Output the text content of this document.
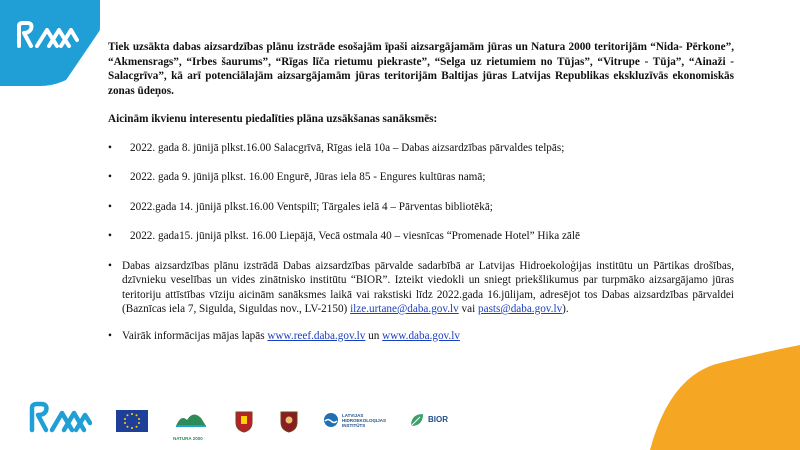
Tiek uzsākta dabas aizsardzības plānu izstrāde esošajām īpaši aizsargājamām jūras un Natura 2000 teritorijām “Nida- Pērkone”, “Akmensrags”, “Irbes šaurums”, “Rīgas līča rietumu piekraste”, “Selga uz rietumiem no Tūjas”, “Vitrupe - Tūja”, “Ainaži - Salacgrīva”, kā arī potenciālajām aizsargājamām jūras teritorijām Baltijas jūras Latvijas Republikas ekskluzīvās ekonomiskās zonas ūdeņos.

Aicinām ikvienu interesentu piedalīties plāna uzsākšanas sanāksmēs:

• 2022. gada 8. jūnijā plkst.16.00 Salacgrīvā, Rīgas ielā 10a – Dabas aizsardzības pārvaldes telpās;
• 2022. gada 9. jūnijā plkst. 16.00 Engurē, Jūras iela 85 - Engures kultūras namā;
• 2022.gada 14. jūnijā plkst.16.00 Ventspilī; Tārgales ielā 4 – Pārventas bibliotēkā;
• 2022. gada15. jūnijā plkst. 16.00 Liepājā, Vecā ostmala 40 – viesnīcas “Promenade Hotel” Hika zālē
• Dabas aizsardzības plānu izstrādā Dabas aizsardzības pārvalde sadarbībā ar Latvijas Hidroekoloģijas institūtu un Pārtikas drošības, dzīvnieku veselības un vides zinātnisko institūtu “BIOR”. Izteikt viedokli un sniegt priekšlikumus par turpmāko aizsargājamo jūras teritoriju attīstības vīziju aicinām sanāksmes laikā vai rakstiski līdz 2022.gada 16.jūlijam, adresējot tos Dabas aizsardzības pārvaldei (Baznīcas iela 7, Sigulda, Siguldas nov., LV-2150) ilze.urtane@daba.gov.lv vai pasts@daba.gov.lv).
• Vairāk informācijas mājas lapās www.reef.daba.gov.lv un www.daba.gov.lv
NATURA 2000
LATVIJAS HIDROEKOLOĢIJAS INSTITŪTS
BIOR
